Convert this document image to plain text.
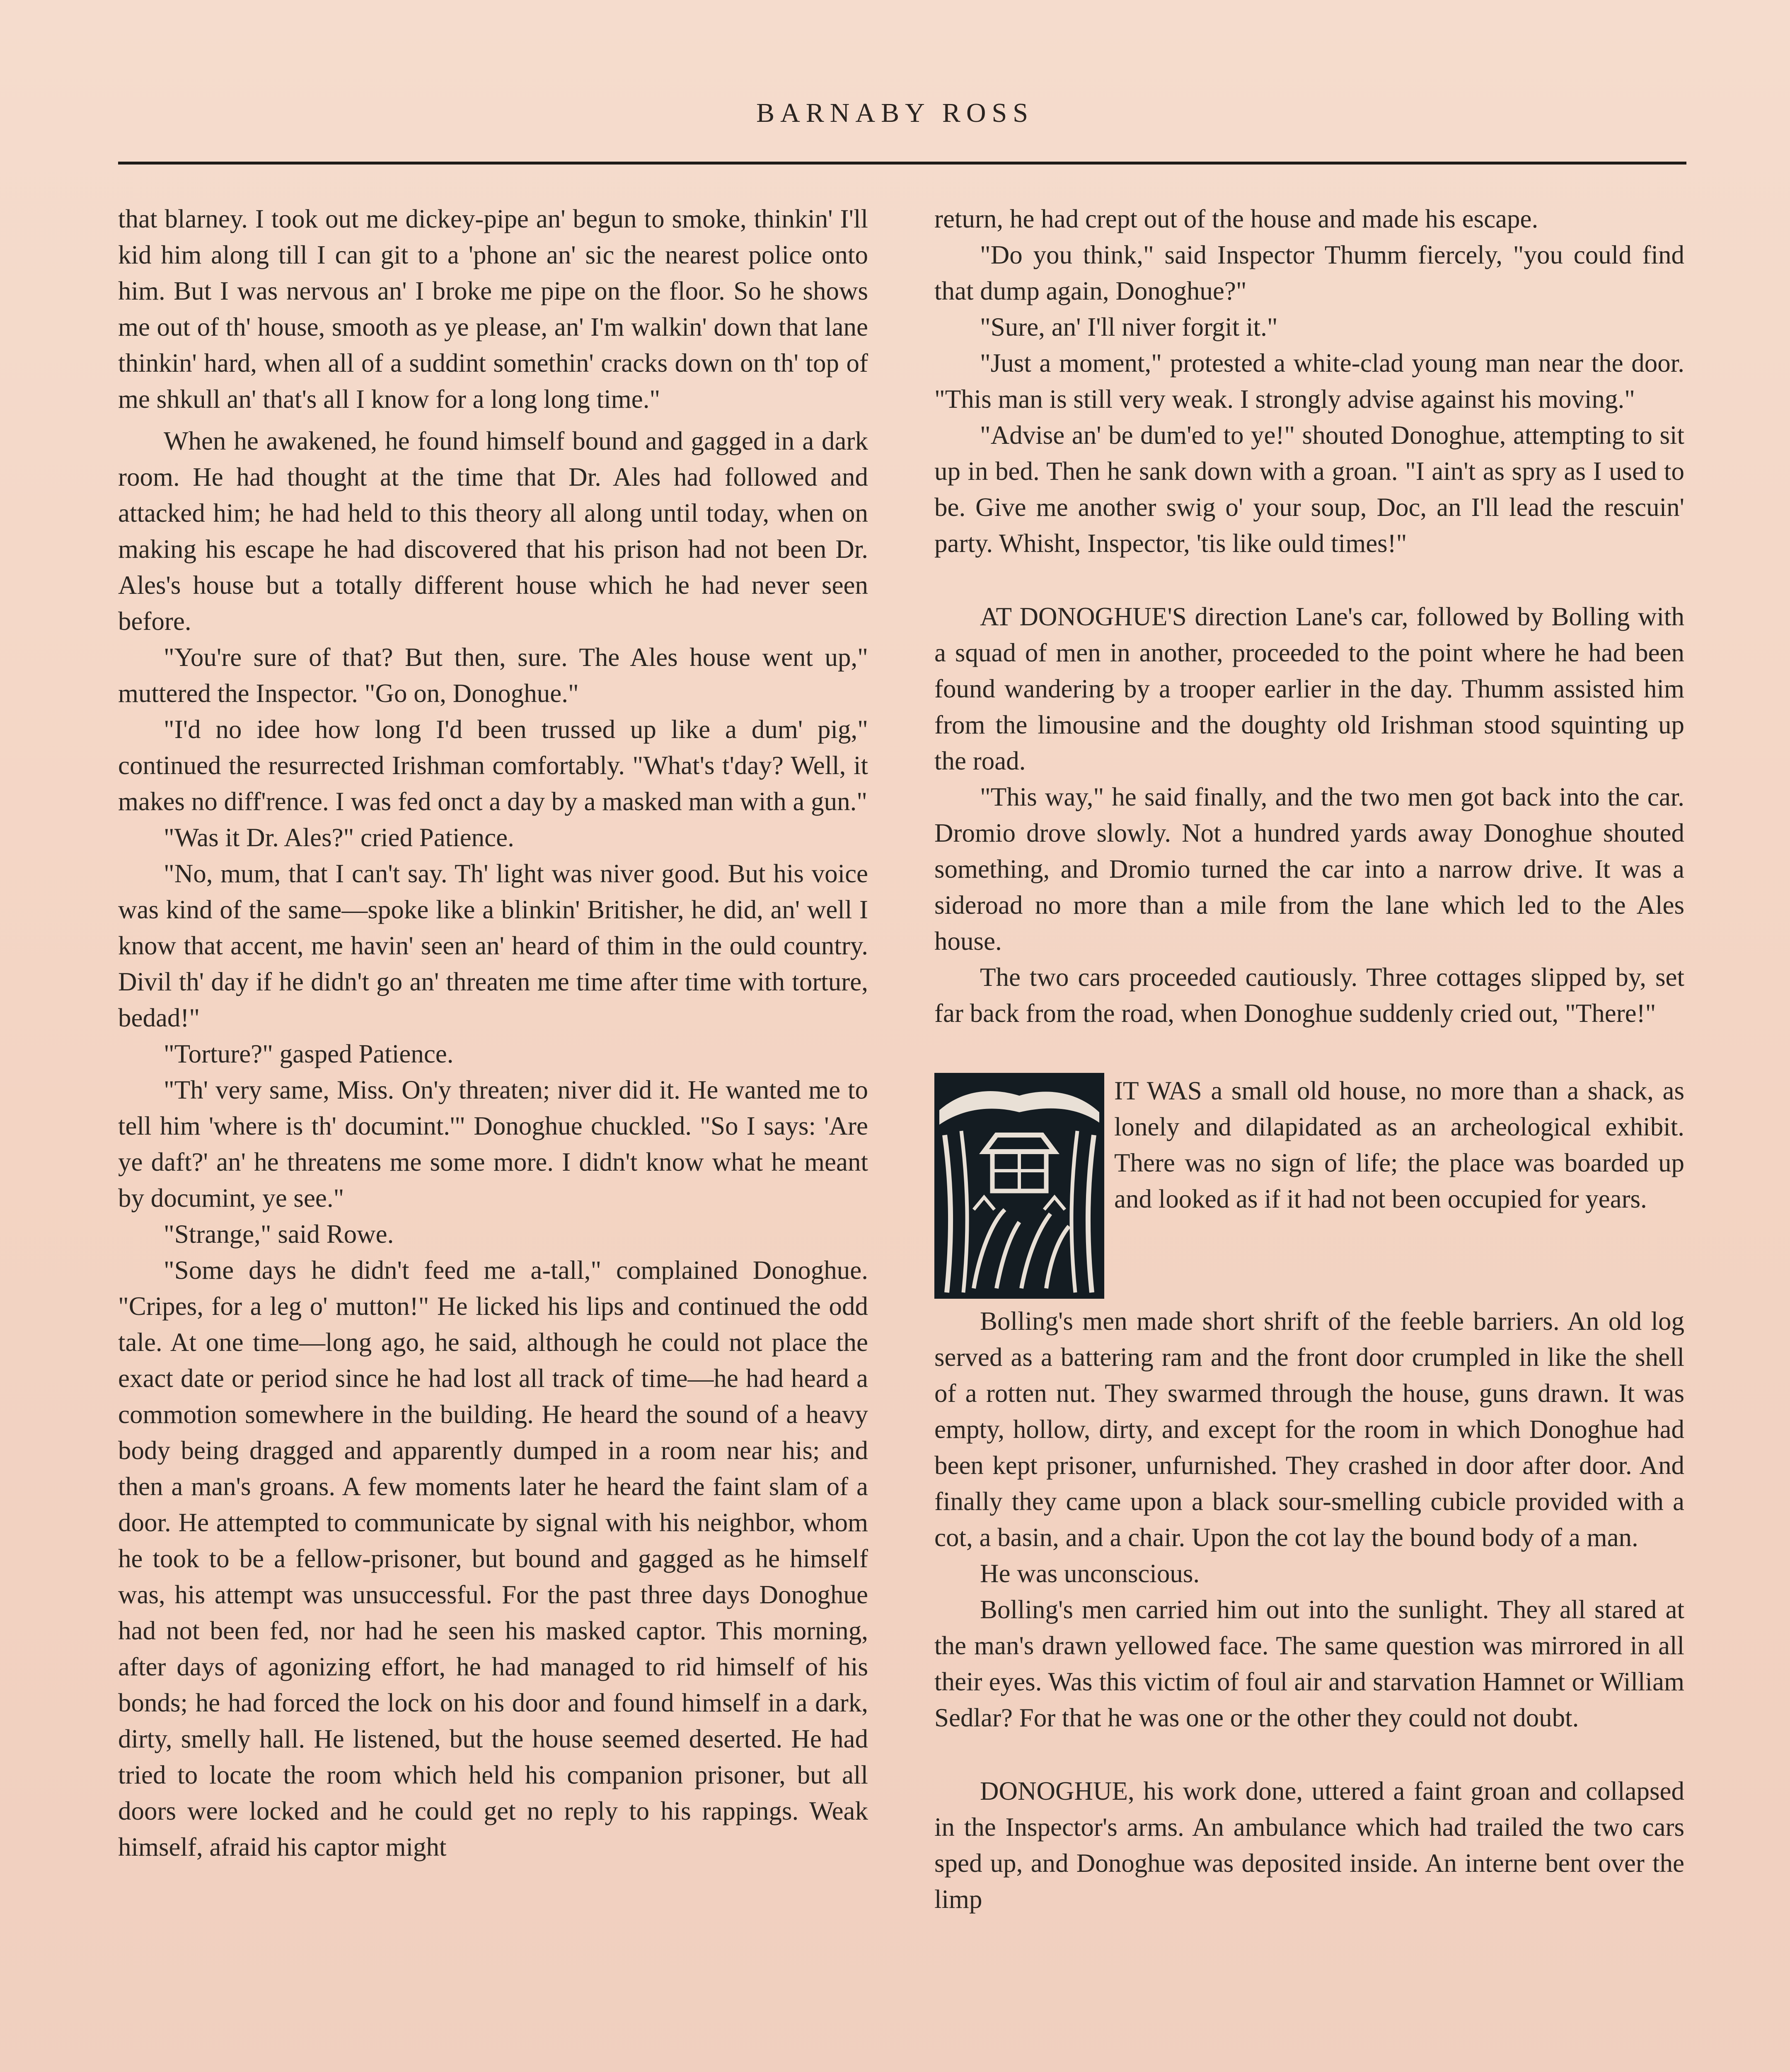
BARNABY ROSS

that blarney. I took out me dickey-pipe an' begun to smoke, thinkin' I'll kid him along till I can git to a 'phone an' sic the nearest police onto him. But I was nervous an' I broke me pipe on the floor. So he shows me out of th' house, smooth as ye please, an' I'm walkin' down that lane thinkin' hard, when all of a suddint somethin' cracks down on th' top of me shkull an' that's all I know for a long long time."

When he awakened, he found himself bound and gagged in a dark room. He had thought at the time that Dr. Ales had followed and attacked him; he had held to this theory all along until today, when on making his escape he had discovered that his prison had not been Dr. Ales's house but a totally different house which he had never seen before.

"You're sure of that? But then, sure. The Ales house went up," muttered the Inspector. "Go on, Donoghue."

"I'd no idee how long I'd been trussed up like a dum' pig," continued the resurrected Irishman comfortably. "What's t'day? Well, it makes no diff'rence. I was fed onct a day by a masked man with a gun."

"Was it Dr. Ales?" cried Patience.

"No, mum, that I can't say. Th' light was niver good. But his voice was kind of the same—spoke like a blinkin' Britisher, he did, an' well I know that accent, me havin' seen an' heard of thim in the ould country. Divil th' day if he didn't go an' threaten me time after time with torture, bedad!"

"Torture?" gasped Patience.

"Th' very same, Miss. On'y threaten; niver did it. He wanted me to tell him 'where is th' documint.'" Donoghue chuckled. "So I says: 'Are ye daft?' an' he threatens me some more. I didn't know what he meant by documint, ye see."

"Strange," said Rowe.

"Some days he didn't feed me a-tall," complained Donoghue. "Cripes, for a leg o' mutton!" He licked his lips and continued the odd tale. At one time—long ago, he said, although he could not place the exact date or period since he had lost all track of time—he had heard a commotion somewhere in the building. He heard the sound of a heavy body being dragged and apparently dumped in a room near his; and then a man's groans. A few moments later he heard the faint slam of a door. He attempted to communicate by signal with his neighbor, whom he took to be a fellow-prisoner, but bound and gagged as he himself was, his attempt was unsuccessful. For the past three days Donoghue had not been fed, nor had he seen his masked captor. This morning, after days of agonizing effort, he had managed to rid himself of his bonds; he had forced the lock on his door and found himself in a dark, dirty, smelly hall. He listened, but the house seemed deserted. He had tried to locate the room which held his companion prisoner, but all doors were locked and he could get no reply to his rappings. Weak himself, afraid his captor might

return, he had crept out of the house and made his escape.

"Do you think," said Inspector Thumm fiercely, "you could find that dump again, Donoghue?"

"Sure, an' I'll niver forgit it."

"Just a moment," protested a white-clad young man near the door. "This man is still very weak. I strongly advise against his moving."

"Advise an' be dum'ed to ye!" shouted Donoghue, attempting to sit up in bed. Then he sank down with a groan. "I ain't as spry as I used to be. Give me another swig o' your soup, Doc, an I'll lead the rescuin' party. Whisht, Inspector, 'tis like ould times!"

AT DONOGHUE'S direction Lane's car, followed by Bolling with a squad of men in another, proceeded to the point where he had been found wandering by a trooper earlier in the day. Thumm assisted him from the limousine and the doughty old Irishman stood squinting up the road.

"This way," he said finally, and the two men got back into the car. Dromio drove slowly. Not a hundred yards away Donoghue shouted something, and Dromio turned the car into a narrow drive. It was a sideroad no more than a mile from the lane which led to the Ales house.

The two cars proceeded cautiously. Three cottages slipped by, set far back from the road, when Donoghue suddenly cried out, "There!"

IT WAS a small old house, no more than a shack, as lonely and dilapidated as an archeological exhibit. There was no sign of life; the place was boarded up and looked as if it had not been occupied for years.

Bolling's men made short shrift of the feeble barriers. An old log served as a battering ram and the front door crumpled in like the shell of a rotten nut. They swarmed through the house, guns drawn. It was empty, hollow, dirty, and except for the room in which Donoghue had been kept prisoner, unfurnished. They crashed in door after door. And finally they came upon a black sour-smelling cubicle provided with a cot, a basin, and a chair. Upon the cot lay the bound body of a man.

He was unconscious.

Bolling's men carried him out into the sunlight. They all stared at the man's drawn yellowed face. The same question was mirrored in all their eyes. Was this victim of foul air and starvation Hamnet or William Sedlar? For that he was one or the other they could not doubt.

DONOGHUE, his work done, uttered a faint groan and collapsed in the Inspector's arms. An ambulance which had trailed the two cars sped up, and Donoghue was deposited inside. An interne bent over the limp
